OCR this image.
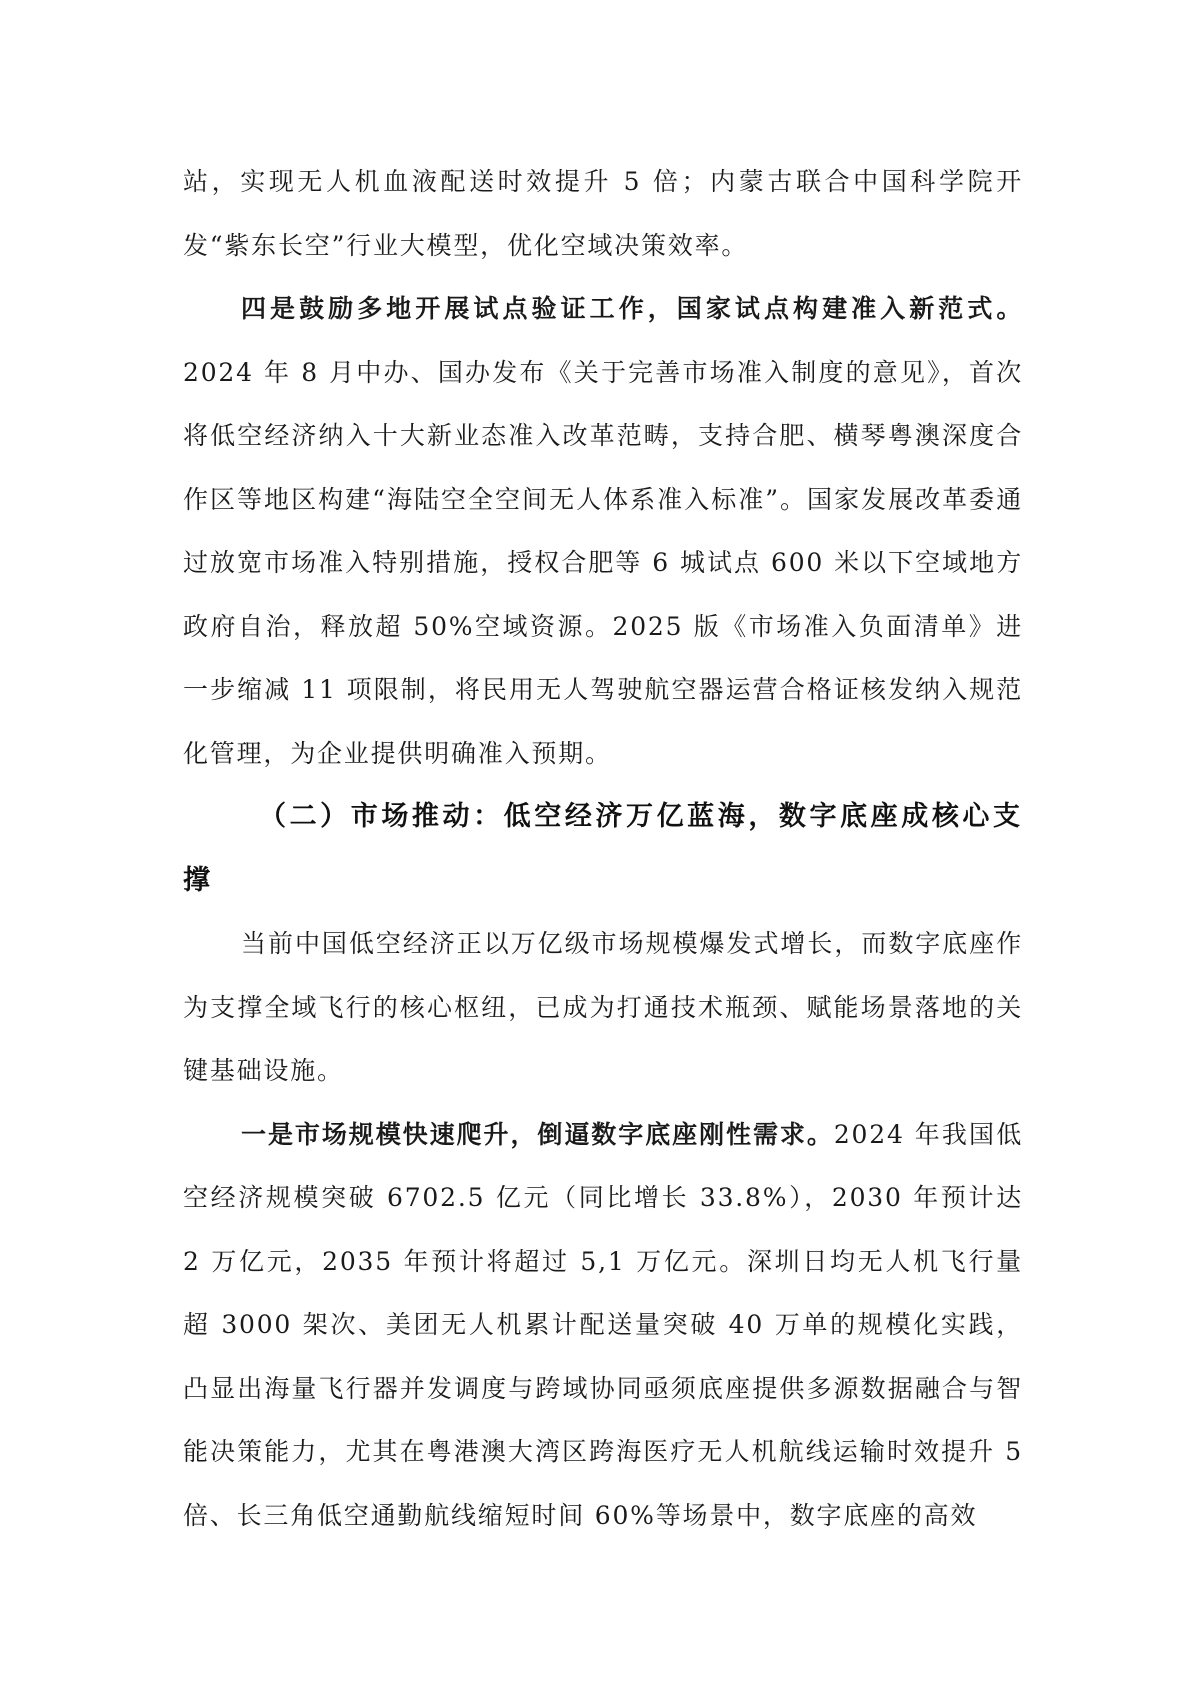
站，实现无人机血液配送时效提升 5 倍；内蒙古联合中国科学院开发“紫东长空”行业大模型，优化空域决策效率。

四是鼓励多地开展试点验证工作，国家试点构建准入新范式。2024 年 8 月中办、国办发布《关于完善市场准入制度的意见》，首次将低空经济纳入十大新业态准入改革范畴，支持合肥、横琴粤澳深度合作区等地区构建“海陆空全空间无人体系准入标准”。国家发展改革委通过放宽市场准入特别措施，授权合肥等 6 城试点 600 米以下空域地方政府自治，释放超 50%空域资源。2025 版《市场准入负面清单》进一步缩减 11 项限制，将民用无人驾驶航空器运营合格证核发纳入规范化管理，为企业提供明确准入预期。

（二）市场推动：低空经济万亿蓝海，数字底座成核心支撑

当前中国低空经济正以万亿级市场规模爆发式增长，而数字底座作为支撑全域飞行的核心枢纽，已成为打通技术瓶颈、赋能场景落地的关键基础设施。

一是市场规模快速爬升，倒逼数字底座刚性需求。2024 年我国低空经济规模突破 6702.5 亿元（同比增长 33.8%），2030 年预计达 2 万亿元，2035 年预计将超过 5,1 万亿元。深圳日均无人机飞行量超 3000 架次、美团无人机累计配送量突破 40 万单的规模化实践，凸显出海量飞行器并发调度与跨域协同亟须底座提供多源数据融合与智能决策能力，尤其在粤港澳大湾区跨海医疗无人机航线运输时效提升 5 倍、长三角低空通勤航线缩短时间 60%等场景中，数字底座的高效
